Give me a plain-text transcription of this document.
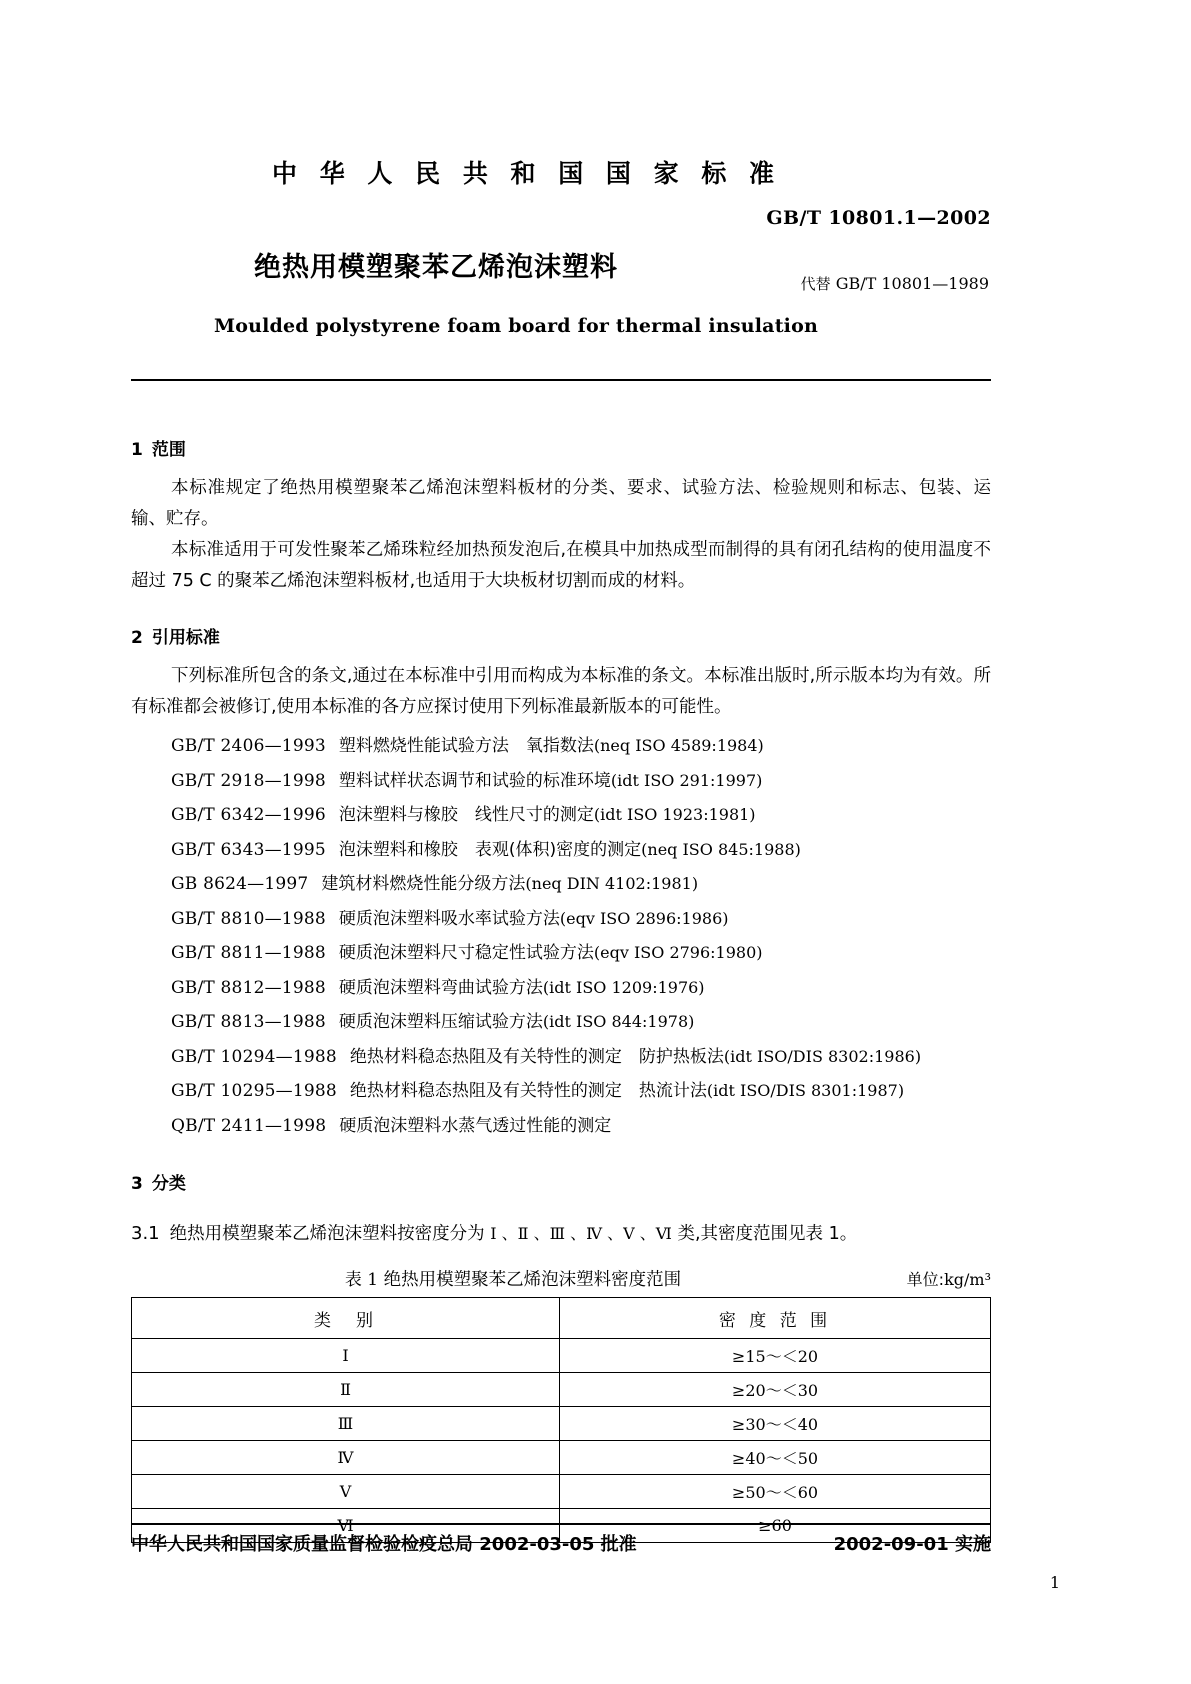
中 华 人 民 共 和 国 国 家 标 准
GB/T 10801.1—2002
绝热用模塑聚苯乙烯泡沫塑料
代替 GB/T 10801—1989
Moulded polystyrene foam board for thermal insulation
1 范围

本标准规定了绝热用模塑聚苯乙烯泡沫塑料板材的分类、要求、试验方法、检验规则和标志、包装、运输、贮存。

本标准适用于可发性聚苯乙烯珠粒经加热预发泡后,在模具中加热成型而制得的具有闭孔结构的使用温度不超过 75 C 的聚苯乙烯泡沫塑料板材,也适用于大块板材切割而成的材料。

2 引用标准

下列标准所包含的条文,通过在本标准中引用而构成为本标准的条文。本标准出版时,所示版本均为有效。所有标准都会被修订,使用本标准的各方应探讨使用下列标准最新版本的可能性。

GB/T 2406—1993 塑料燃烧性能试验方法　氧指数法(neq ISO 4589:1984)
GB/T 2918—1998 塑料试样状态调节和试验的标准环境(idt ISO 291:1997)
GB/T 6342—1996 泡沫塑料与橡胶　线性尺寸的测定(idt ISO 1923:1981)
GB/T 6343—1995 泡沫塑料和橡胶　表观(体积)密度的测定(neq ISO 845:1988)
GB 8624—1997 建筑材料燃烧性能分级方法(neq DIN 4102:1981)
GB/T 8810—1988 硬质泡沫塑料吸水率试验方法(eqv ISO 2896:1986)
GB/T 8811—1988 硬质泡沫塑料尺寸稳定性试验方法(eqv ISO 2796:1980)
GB/T 8812—1988 硬质泡沫塑料弯曲试验方法(idt ISO 1209:1976)
GB/T 8813—1988 硬质泡沫塑料压缩试验方法(idt ISO 844:1978)
GB/T 10294—1988 绝热材料稳态热阻及有关特性的测定　防护热板法(idt ISO/DIS 8302:1986)
GB/T 10295—1988 绝热材料稳态热阻及有关特性的测定　热流计法(idt ISO/DIS 8301:1987)
QB/T 2411—1998 硬质泡沫塑料水蒸气透过性能的测定
3 分类

3.1 绝热用模塑聚苯乙烯泡沫塑料按密度分为 Ⅰ 、Ⅱ 、Ⅲ 、Ⅳ 、Ⅴ 、Ⅵ 类,其密度范围见表 1。

表 1 绝热用模塑聚苯乙烯泡沫塑料密度范围	单位:kg/m³
类　别	密 度 范 围
Ⅰ	≥15～＜20
Ⅱ	≥20～＜30
Ⅲ	≥30～＜40
Ⅳ	≥40～＜50
Ⅴ	≥50～＜60
Ⅵ	≥60
中华人民共和国国家质量监督检验检疫总局 2002‐03‐05 批准	2002‐09‐01 实施
1
